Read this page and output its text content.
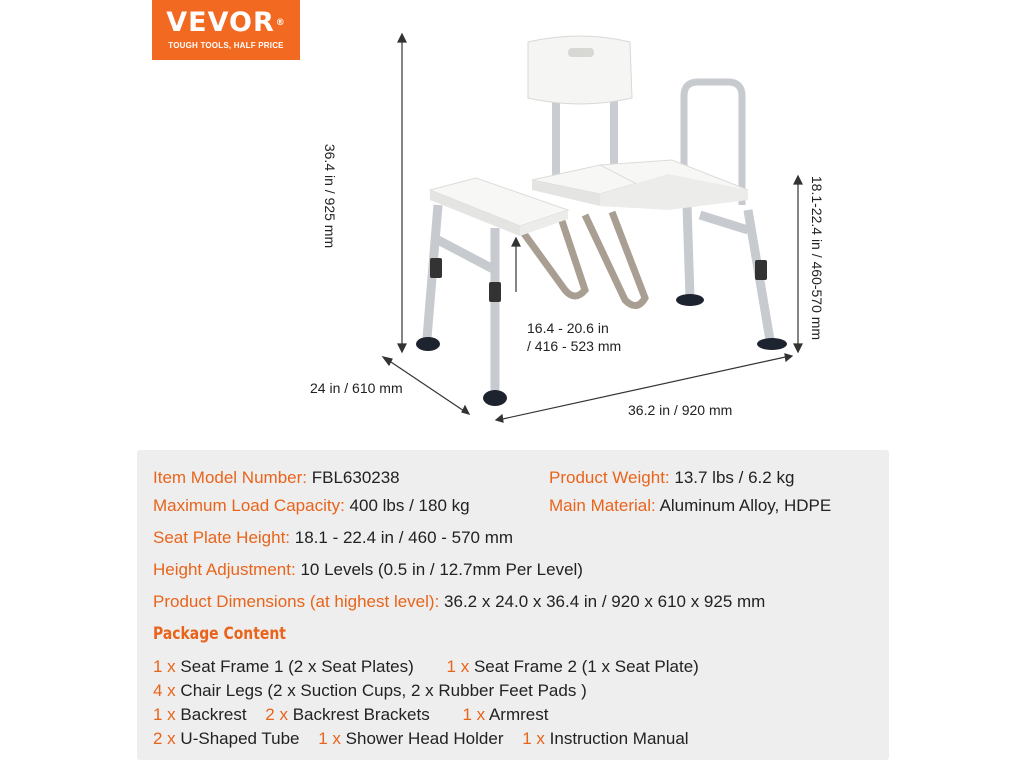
VEVOR®
TOUGH TOOLS, HALF PRICE
36.4 in / 925 mm	18.1-22.4 in / 460-570 mm
24 in / 610 mm
36.2 in / 920 mm
16.4 - 20.6 in
/ 416 - 523 mm
Item Model Number: FBL630238	Product Weight: 13.7 lbs / 6.2 kg
Maximum Load Capacity: 400 lbs / 180 kg	Main Material: Aluminum Alloy, HDPE
Seat Plate Height: 18.1 - 22.4 in / 460 - 570 mm
Height Adjustment: 10 Levels (0.5 in / 12.7mm Per Level)
Product Dimensions (at highest level): 36.2 x 24.0 x 36.4 in / 920 x 610 x 925 mm
Package Content
1 x Seat Frame 1 (2 x Seat Plates) 1 x Seat Frame 2 (1 x Seat Plate)
4 x Chair Legs (2 x Suction Cups, 2 x Rubber Feet Pads )
1 x Backrest 2 x Backrest Brackets 1 x Armrest
2 x U-Shaped Tube 1 x Shower Head Holder 1 x Instruction Manual
